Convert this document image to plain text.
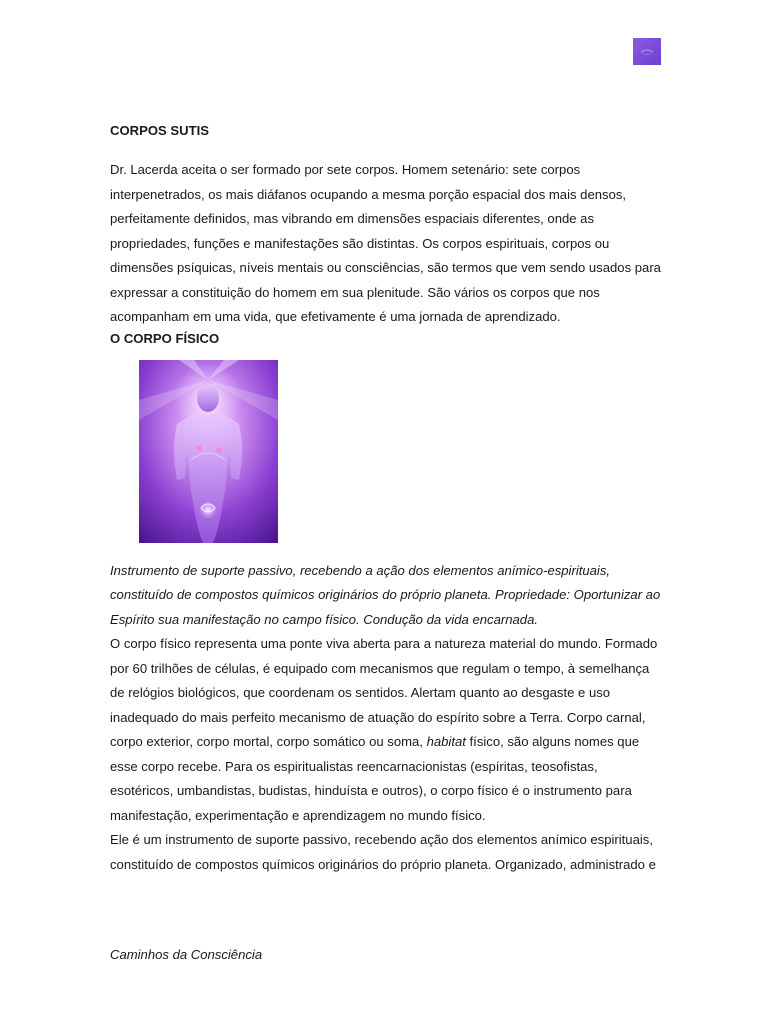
CORPOS SUTIS

Dr. Lacerda aceita o ser formado por sete corpos. Homem setenário: sete corpos interpenetrados, os mais diáfanos ocupando a mesma porção espacial dos mais densos, perfeitamente definidos, mas vibrando em dimensões espaciais diferentes, onde as propriedades, funções e manifestações são distintas. Os corpos espirituais, corpos ou dimensões psíquicas, níveis mentais ou consciências, são termos que vem sendo usados para expressar a constituição do homem em sua plenitude. São vários os corpos que nos acompanham em uma vida, que efetivamente é uma jornada de aprendizado.

O CORPO FÍSICO

Instrumento de suporte passivo, recebendo a ação dos elementos anímico-espirituais, constituído de compostos químicos originários do próprio planeta. Propriedade: Oportunizar ao Espírito sua manifestação no campo físico. Condução da vida encarnada.

O corpo físico representa uma ponte viva aberta para a natureza material do mundo. Formado por 60 trilhões de células, é equipado com mecanismos que regulam o tempo, à semelhança de relógios biológicos, que coordenam os sentidos. Alertam quanto ao desgaste e uso inadequado do mais perfeito mecanismo de atuação do espírito sobre a Terra. Corpo carnal, corpo exterior, corpo mortal, corpo somático ou soma, habitat físico, são alguns nomes que esse corpo recebe. Para os espiritualistas reencarnacionistas (espíritas, teosofistas, esotéricos, umbandistas, budistas, hinduísta e outros), o corpo físico é o instrumento para manifestação, experimentação e aprendizagem no mundo físico.

Ele é um instrumento de suporte passivo, recebendo ação dos elementos anímico espirituais, constituído de compostos químicos originários do próprio planeta. Organizado, administrado e

Caminhos da Consciência
